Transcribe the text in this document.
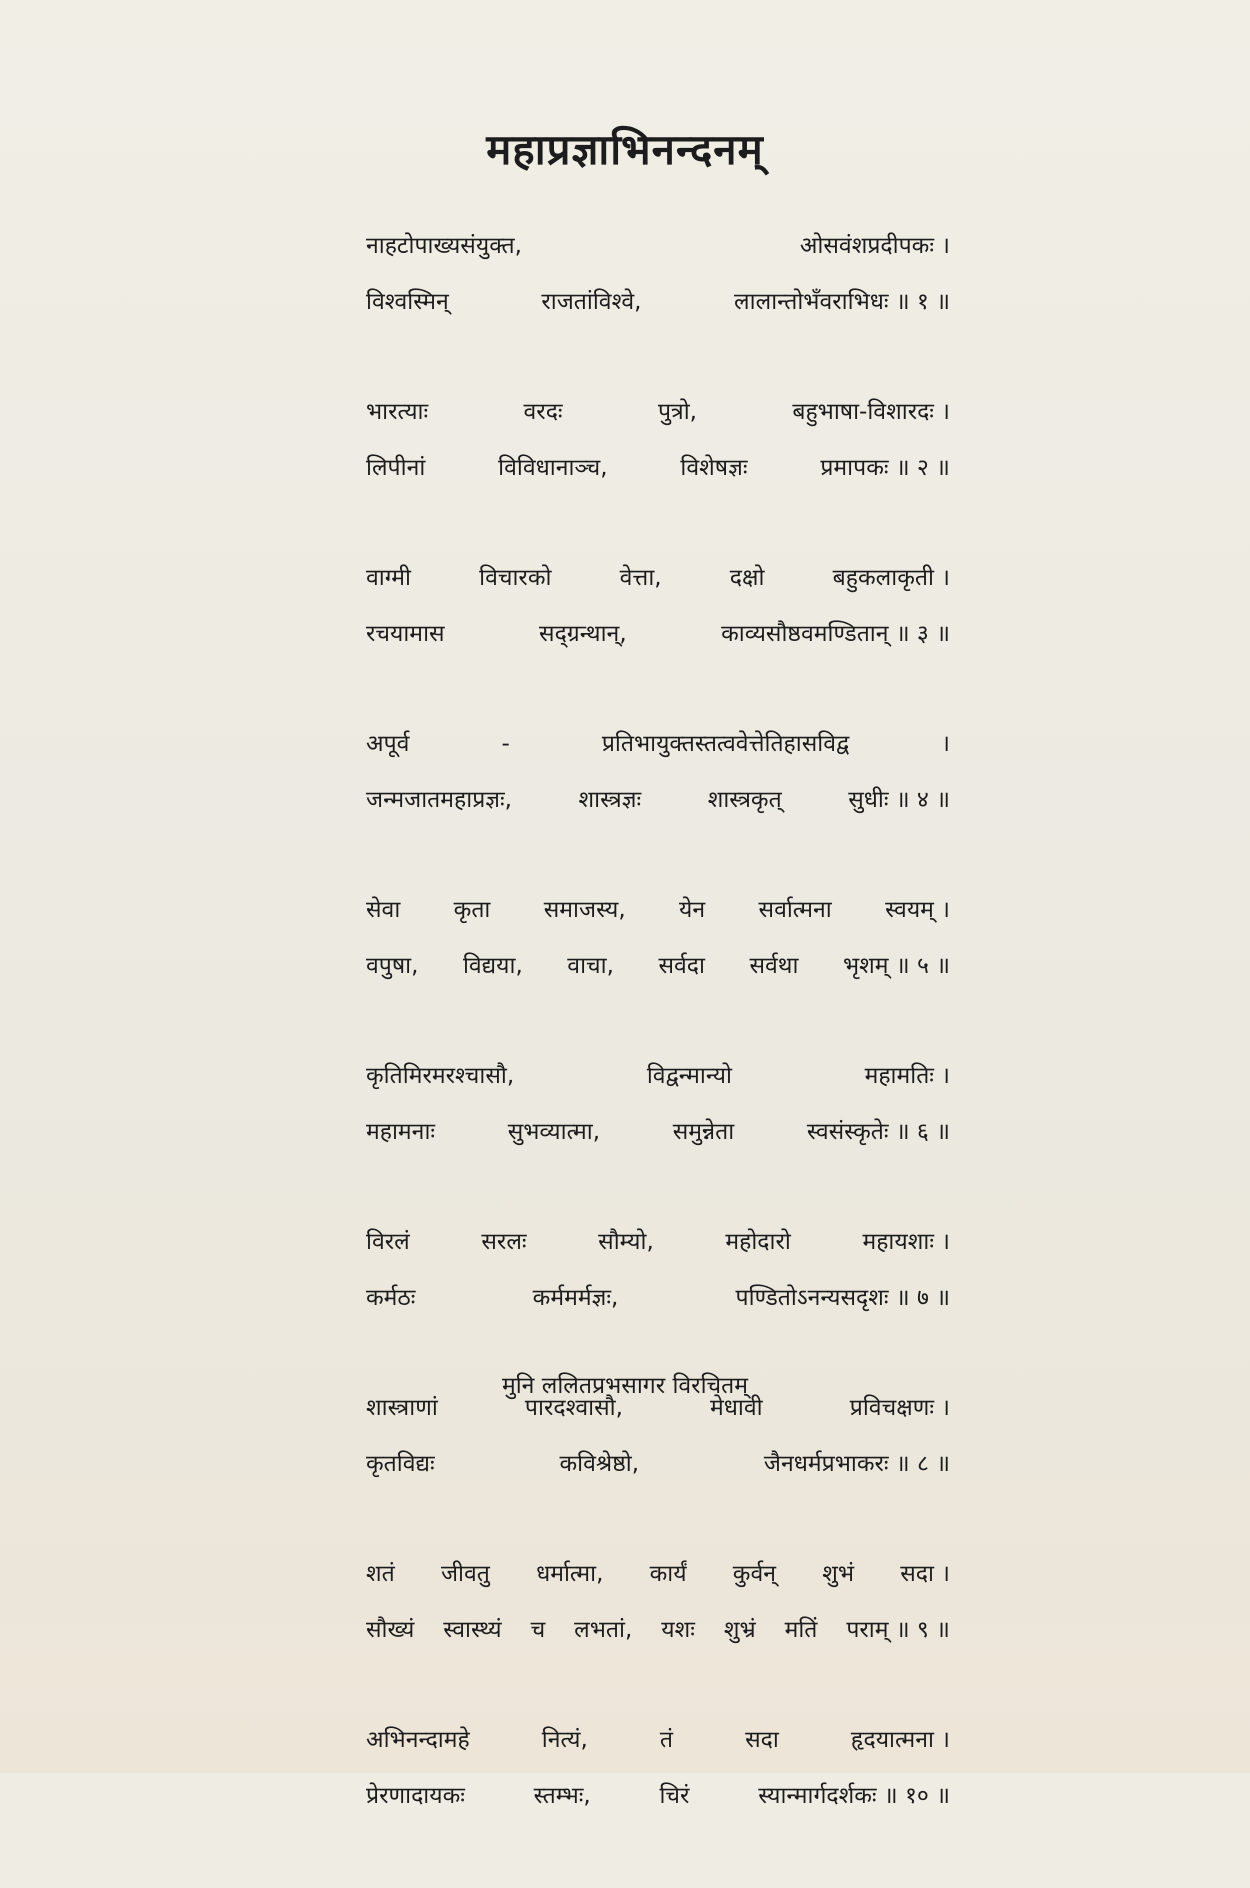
महाप्रज्ञाभिनन्दनम्
नाहटोपाख्यसंयुक्त,	ओसवंशप्रदीपकः ।
विश्वस्मिन्	राजतांविश्वे,	लालान्तोभँवराभिधः ॥ १ ॥
भारत्याः	वरदः	पुत्रो,	बहुभाषा-विशारदः ।
लिपीनां	विविधानाञ्च,	विशेषज्ञः	प्रमापकः ॥ २ ॥
वाग्मी	विचारको	वेत्ता,	दक्षो	बहुकलाकृती ।
रचयामास	सद्ग्रन्थान्,	काव्यसौष्ठवमण्डितान् ॥ ३ ॥
अपूर्व	-	प्रतिभायुक्तस्तत्ववेत्तेतिहासविद्व	।
जन्मजातमहाप्रज्ञः,	शास्त्रज्ञः	शास्त्रकृत्	सुधीः ॥ ४ ॥
सेवा कृता समाजस्य, येन सर्वात्मना स्वयम् ।
वपुषा, विद्यया, वाचा, सर्वदा सर्वथा भृशम् ॥ ५ ॥
कृतिमिरमरश्चासौ,	विद्वन्मान्यो	महामतिः ।
महामनाः	सुभव्यात्मा,	समुन्नेता	स्वसंस्कृतेः ॥ ६ ॥
विरलं	सरलः	सौम्यो,	महोदारो	महायशाः ।
कर्मठः	कर्ममर्मज्ञः,	पण्डितोऽनन्यसदृशः ॥ ७ ॥
शास्त्राणां	पारदश्वासौ,	मेधावी	प्रविचक्षणः ।
कृतविद्यः	कविश्रेष्ठो,	जैनधर्मप्रभाकरः ॥ ८ ॥
शतं जीवतु धर्मात्मा, कार्यं कुर्वन् शुभं सदा ।
सौख्यं स्वास्थ्यं च लभतां, यशः शुभ्रं मतिं पराम् ॥ ९ ॥
अभिनन्दामहे	नित्यं,	तं	सदा	हृदयात्मना ।
प्रेरणादायकः	स्तम्भः,	चिरं	स्यान्मार्गदर्शकः ॥ १० ॥
मुनि ललितप्रभसागर विरचितम्
